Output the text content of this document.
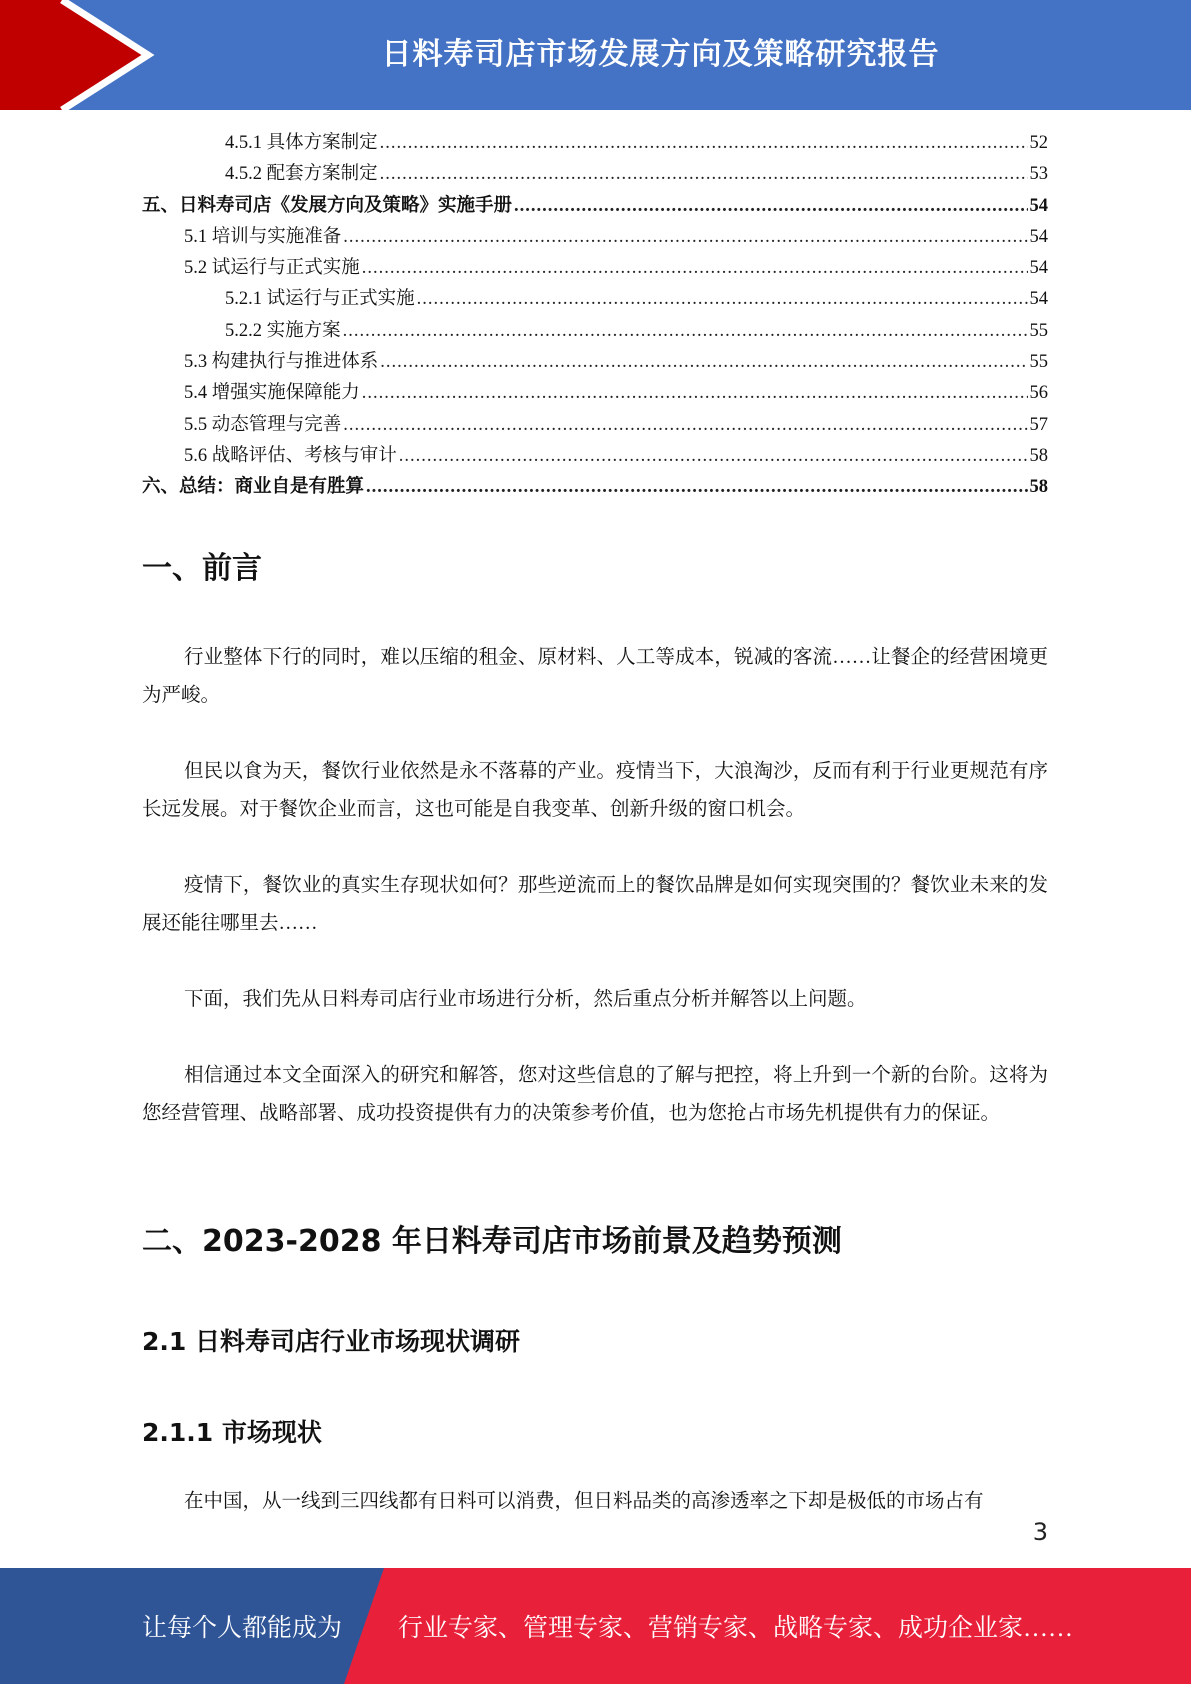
日料寿司店市场发展方向及策略研究报告
4.5.1 具体方案制定 .....	52
4.5.2 配套方案制定 .....	53
五、日料寿司店《发展方向及策略》实施手册 .....	54
5.1 培训与实施准备 .....	54
5.2 试运行与正式实施 .....	54
5.2.1 试运行与正式实施 .....	54
5.2.2 实施方案 .....	55
5.3 构建执行与推进体系 .....	55
5.4 增强实施保障能力 .....	56
5.5 动态管理与完善 .....	57
5.6 战略评估、考核与审计 .....	58
六、总结：商业自是有胜算 .....	58
一、前言

行业整体下行的同时，难以压缩的租金、原材料、人工等成本，锐减的客流……让餐企的经营困境更为严峻。

但民以食为天，餐饮行业依然是永不落幕的产业。疫情当下，大浪淘沙，反而有利于行业更规范有序长远发展。对于餐饮企业而言，这也可能是自我变革、创新升级的窗口机会。

疫情下，餐饮业的真实生存现状如何？那些逆流而上的餐饮品牌是如何实现突围的？餐饮业未来的发展还能往哪里去……

下面，我们先从日料寿司店行业市场进行分析，然后重点分析并解答以上问题。

相信通过本文全面深入的研究和解答，您对这些信息的了解与把控，将上升到一个新的台阶。这将为您经营管理、战略部署、成功投资提供有力的决策参考价值，也为您抢占市场先机提供有力的保证。

二、2023-2028 年日料寿司店市场前景及趋势预测
2.1 日料寿司店行业市场现状调研
2.1.1 市场现状

在中国，从一线到三四线都有日料可以消费，但日料品类的高渗透率之下却是极低的市场占有

3
让每个人都能成为 行业专家、管理专家、营销专家、战略专家、成功企业家……
